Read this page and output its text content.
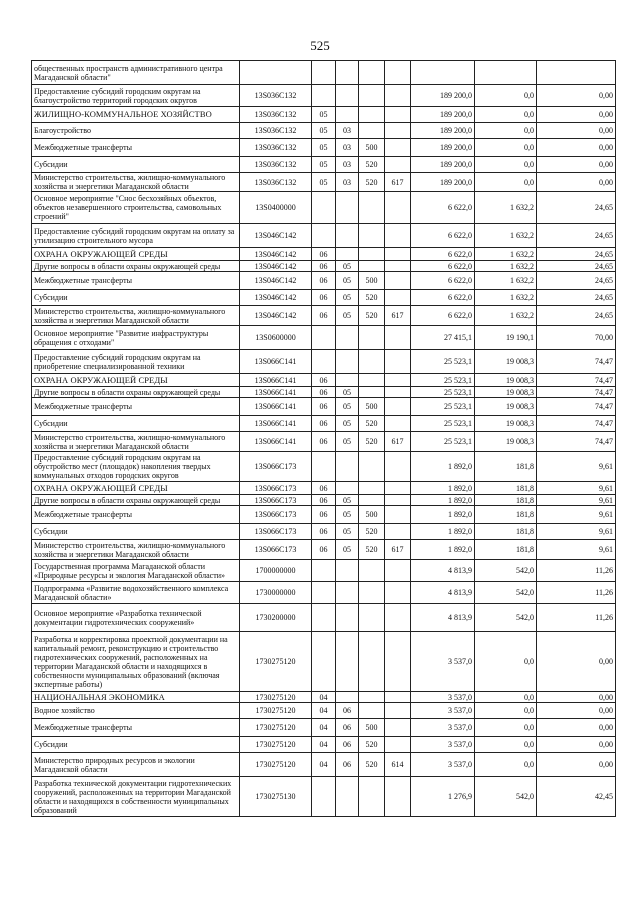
525
общественных пространств административного центра Магаданской области"								
Предоставление субсидий городским округам на благоустройство территорий городских округов	13S036C132					189 200,0	0,0	0,00
ЖИЛИЩНО-КОММУНАЛЬНОЕ ХОЗЯЙСТВО	13S036C132	05				189 200,0	0,0	0,00
Благоустройство	13S036C132	05	03			189 200,0	0,0	0,00
Межбюджетные трансферты	13S036C132	05	03	500		189 200,0	0,0	0,00
Субсидии	13S036C132	05	03	520		189 200,0	0,0	0,00
Министерство строительства, жилищно-коммунального хозяйства и энергетики Магаданской области	13S036C132	05	03	520	617	189 200,0	0,0	0,00
Основное мероприятие "Снос бесхозяйных объектов, объектов незавершенного строительства, самовольных строений"	13S0400000					6 622,0	1 632,2	24,65
Предоставление субсидий городским округам на оплату за утилизацию строительного мусора	13S046C142					6 622,0	1 632,2	24,65
ОХРАНА ОКРУЖАЮЩЕЙ СРЕДЫ	13S046C142	06				6 622,0	1 632,2	24,65
Другие вопросы в области охраны окружающей среды	13S046C142	06	05			6 622,0	1 632,2	24,65
Межбюджетные трансферты	13S046C142	06	05	500		6 622,0	1 632,2	24,65
Субсидии	13S046C142	06	05	520		6 622,0	1 632,2	24,65
Министерство строительства, жилищно-коммунального хозяйства и энергетики Магаданской области	13S046C142	06	05	520	617	6 622,0	1 632,2	24,65
Основное мероприятие "Развитие инфраструктуры обращения с отходами"	13S0600000					27 415,1	19 190,1	70,00
Предоставление субсидий городским округам на приобретение специализированной техники	13S066C141					25 523,1	19 008,3	74,47
ОХРАНА ОКРУЖАЮЩЕЙ СРЕДЫ	13S066C141	06				25 523,1	19 008,3	74,47
Другие вопросы в области охраны окружающей среды	13S066C141	06	05			25 523,1	19 008,3	74,47
Межбюджетные трансферты	13S066C141	06	05	500		25 523,1	19 008,3	74,47
Субсидии	13S066C141	06	05	520		25 523,1	19 008,3	74,47
Министерство строительства, жилищно-коммунального хозяйства и энергетики Магаданской области	13S066C141	06	05	520	617	25 523,1	19 008,3	74,47
Предоставление субсидий городским округам на обустройство мест (площадок) накопления твердых коммунальных отходов городских округов	13S066C173					1 892,0	181,8	9,61
ОХРАНА ОКРУЖАЮЩЕЙ СРЕДЫ	13S066C173	06				1 892,0	181,8	9,61
Другие вопросы в области охраны окружающей среды	13S066C173	06	05			1 892,0	181,8	9,61
Межбюджетные трансферты	13S066C173	06	05	500		1 892,0	181,8	9,61
Субсидии	13S066C173	06	05	520		1 892,0	181,8	9,61
Министерство строительства, жилищно-коммунального хозяйства и энергетики Магаданской области	13S066C173	06	05	520	617	1 892,0	181,8	9,61
Государственная программа Магаданской области «Природные ресурсы и экология Магаданской области»	1700000000					4 813,9	542,0	11,26
Подпрограмма «Развитие водохозяйственного комплекса Магаданской области»	1730000000					4 813,9	542,0	11,26
Основное мероприятие «Разработка технической документации гидротехнических сооружений»	1730200000					4 813,9	542,0	11,26
Разработка и корректировка проектной документации на капитальный ремонт, реконструкцию и строительство гидротехнических сооружений, расположенных на территории Магаданской области и находящихся в собственности муниципальных образований (включая экспертные работы)	1730275120					3 537,0	0,0	0,00
НАЦИОНАЛЬНАЯ ЭКОНОМИКА	1730275120	04				3 537,0	0,0	0,00
Водное хозяйство	1730275120	04	06			3 537,0	0,0	0,00
Межбюджетные трансферты	1730275120	04	06	500		3 537,0	0,0	0,00
Субсидии	1730275120	04	06	520		3 537,0	0,0	0,00
Министерство природных ресурсов и экологии Магаданской области	1730275120	04	06	520	614	3 537,0	0,0	0,00
Разработка технической документации гидротехнических сооружений, расположенных на территории Магаданской области и находящихся в собственности муниципальных образований	1730275130					1 276,9	542,0	42,45
